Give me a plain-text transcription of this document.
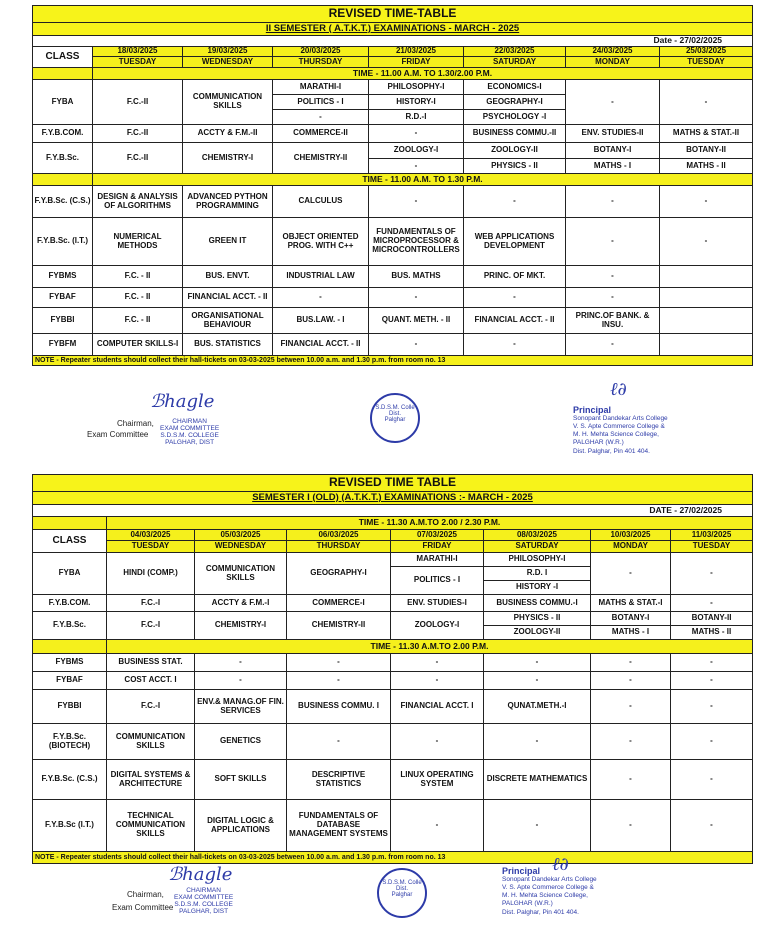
REVISED TIME-TABLE							
II SEMESTER ( A.T.K.T.) EXAMINATIONS - MARCH - 2025							
Date - 27/02/2025							
CLASS	18/03/2025	19/03/2025	20/03/2025	21/03/2025	22/03/2025	24/03/2025	25/03/2025
	TUESDAY	WEDNESDAY	THURSDAY	FRIDAY	SATURDAY	MONDAY	TUESDAY
	TIME - 11.00 A.M. TO 1.30/2.00 P.M.						
FYBA	F.C.-II	COMMUNICATION SKILLS	MARATHI-I	PHILOSOPHY-I	ECONOMICS-I	-	-
			POLITICS - I	HISTORY-I	GEOGRAPHY-I		
			-	R.D.-I	PSYCHOLOGY -I		
F.Y.B.COM.	F.C.-II	ACCTY & F.M.-II	COMMERCE-II	-	BUSINESS COMMU.-II	ENV. STUDIES-II	MATHS & STAT.-II
F.Y.B.Sc.	F.C.-II	CHEMISTRY-I	CHEMISTRY-II	ZOOLOGY-I	ZOOLOGY-II	BOTANY-I	BOTANY-II
				-	PHYSICS - II	MATHS - I	MATHS - II
	TIME - 11.00 A.M. TO 1.30 P.M.						
F.Y.B.Sc. (C.S.)	DESIGN & ANALYSIS OF ALGORITHMS	ADVANCED PYTHON PROGRAMMING	CALCULUS	-	-	-	-
F.Y.B.Sc. (I.T.)	NUMERICAL METHODS	GREEN IT	OBJECT ORIENTED PROG. WITH C++	FUNDAMENTALS OF MICROPROCESSOR & MICROCONTROLLERS	WEB APPLICATIONS DEVELOPMENT	-	-
FYBMS	F.C. - II	BUS. ENVT.	INDUSTRIAL LAW	BUS. MATHS	PRINC. OF MKT.	-	
FYBAF	F.C. - II	FINANCIAL ACCT. - II	-	-	-	-	
FYBBI	F.C. - II	ORGANISATIONAL BEHAVIOUR	BUS.LAW. - I	QUANT. METH. - II	FINANCIAL ACCT. - II	PRINC.OF BANK. & INSU.	
FYBFM	COMPUTER SKILLS-I	BUS. STATISTICS	FINANCIAL ACCT. - II	-	-	-	
NOTE - Repeater students should collect their hall-tickets on 03-03-2025 between 10.00 a.m. and 1.30 p.m. from room no. 13							
Chairman,
Exam Committee
ℬhagle
CHAIRMAN
EXAM COMMITTEE
S.D.S.M. COLLEGE
PALGHAR, DIST
S.D.S.M. Colle
Dist.
Palghar
ℓ∂
Principal
Sonopant Dandekar Arts College
V. S. Apte Commerce College &
M. H. Mehta Science College,
PALGHAR (W.R.)
Dist. Palghar, Pin 401 404.
REVISED TIME TABLE							
SEMESTER I (OLD) (A.T.K.T.) EXAMINATIONS :- MARCH - 2025							
DATE - 27/02/2025							
	TIME - 11.30 A.M.TO 2.00 / 2.30 P.M.						
CLASS	04/03/2025	05/03/2025	06/03/2025	07/03/2025	08/03/2025	10/03/2025	11/03/2025
	TUESDAY	WEDNESDAY	THURSDAY	FRIDAY	SATURDAY	MONDAY	TUESDAY
FYBA	HINDI (COMP.)	COMMUNICATION SKILLS	GEOGRAPHY-I	MARATHI-I	PHILOSOPHY-I	-	-
				POLITICS - I	R.D. I		
					HISTORY -I		
F.Y.B.COM.	F.C.-I	ACCTY & F.M.-I	COMMERCE-I	ENV. STUDIES-I	BUSINESS COMMU.-I	MATHS & STAT.-I	-
F.Y.B.Sc.	F.C.-I	CHEMISTRY-I	CHEMISTRY-II	ZOOLOGY-I	PHYSICS - II	BOTANY-I	BOTANY-II
					ZOOLOGY-II	MATHS - I	MATHS - II
	TIME - 11.30 A.M.TO 2.00 P.M.						
FYBMS	BUSINESS STAT.	-	-	-	-	-	-
FYBAF	COST ACCT. I	-	-	-	-	-	-
FYBBI	F.C.-I	ENV.& MANAG.OF FIN. SERVICES	BUSINESS COMMU. I	FINANCIAL ACCT. I	QUNAT.METH.-I	-	-
F.Y.B.Sc. (BIOTECH)	COMMUNICATION SKILLS	GENETICS	-	-	-	-	-
F.Y.B.Sc. (C.S.)	DIGITAL SYSTEMS & ARCHITECTURE	SOFT SKILLS	DESCRIPTIVE STATISTICS	LINUX OPERATING SYSTEM	DISCRETE MATHEMATICS	-	-
F.Y.B.Sc (I.T.)	TECHNICAL COMMUNICATION SKILLS	DIGITAL LOGIC & APPLICATIONS	FUNDAMENTALS OF DATABASE MANAGEMENT SYSTEMS	-	-	-	-
NOTE - Repeater students should collect their hall-tickets on 03-03-2025 between 10.00 a.m. and 1.30 p.m. from room no. 13							
Chairman,
Exam Committee
ℬhagle
CHAIRMAN
EXAM COMMITTEE
S.D.S.M. COLLEGE
PALGHAR, DIST
S.D.S.M. Colle
Dist.
Palghar
ℓ∂
Principal
Sonopant Dandekar Arts College
V. S. Apte Commerce College &
M. H. Mehta Science College,
PALGHAR (W.R.)
Dist. Palghar, Pin 401 404.
